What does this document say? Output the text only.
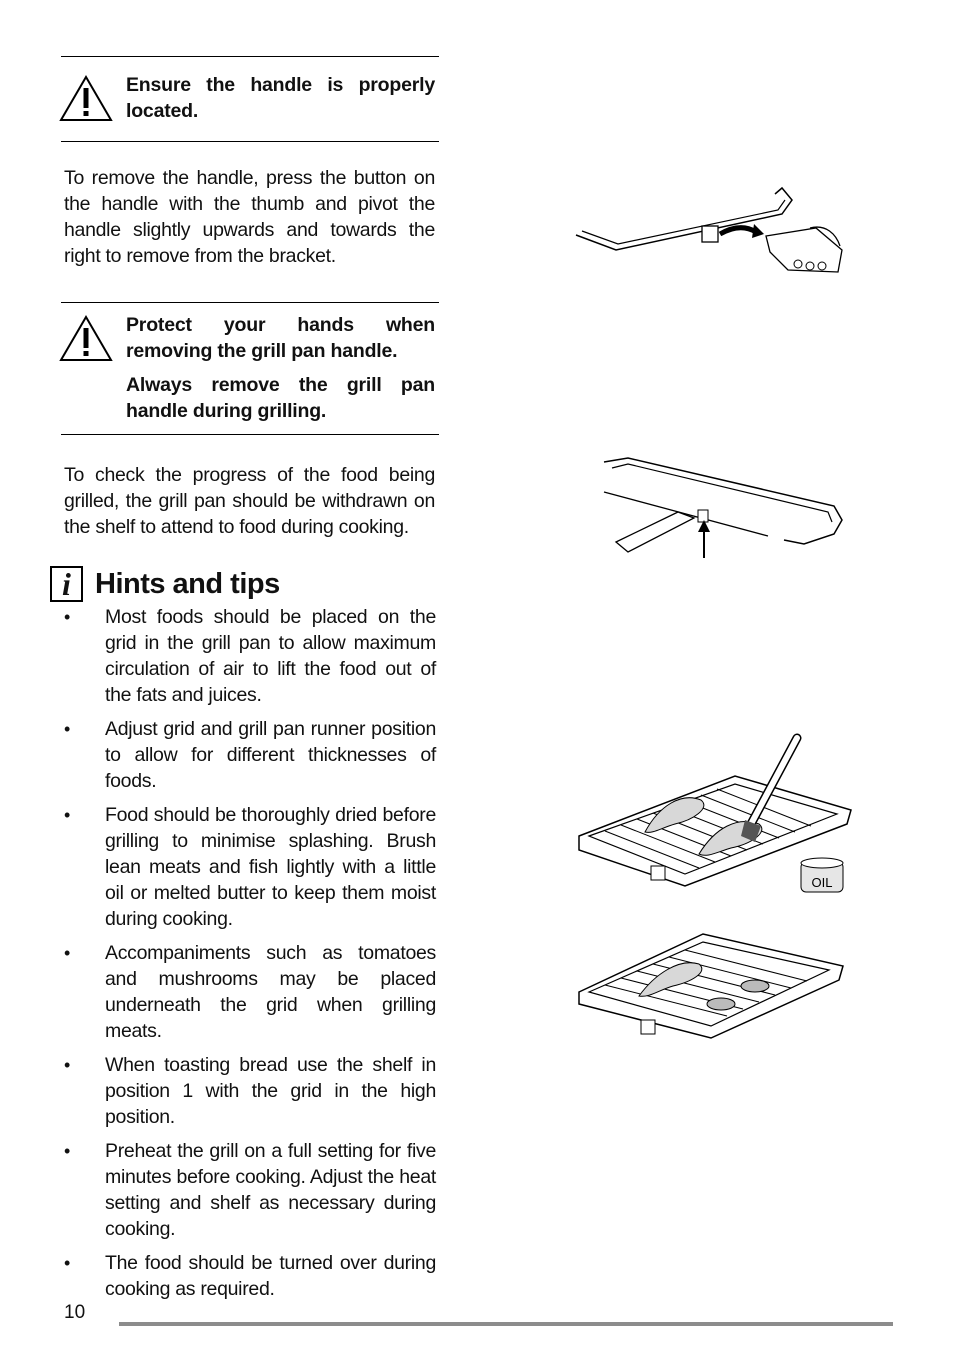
Ensure the handle is properly located.

To remove the handle, press the button on the handle with the thumb and pivot the handle slightly upwards and towards the right to remove from the bracket.

Protect your hands when removing the grill pan handle.

Always remove the grill pan handle during grilling.

To check the progress of the food being grilled, the grill pan should be withdrawn on the shelf to attend to food during cooking.

i Hints and tips
•	Most foods should be placed on the grid in the grill pan to allow maximum circulation of air to lift the food out of the fats and juices.
•	Adjust grid and grill pan runner position to allow for different thicknesses of foods.
•	Food should be thoroughly dried before grilling to minimise splashing. Brush lean meats and fish lightly with a little oil or melted butter to keep them moist during cooking.
•	Accompaniments such as tomatoes and mushrooms may be placed underneath the grid when grilling meats.
•	When toasting bread use the shelf in position 1 with the grid in the high position.
•	Preheat the grill on a full setting for five minutes before cooking. Adjust the heat setting and shelf as necessary during cooking.
•	The food should be turned over during cooking as required.
OIL
10
